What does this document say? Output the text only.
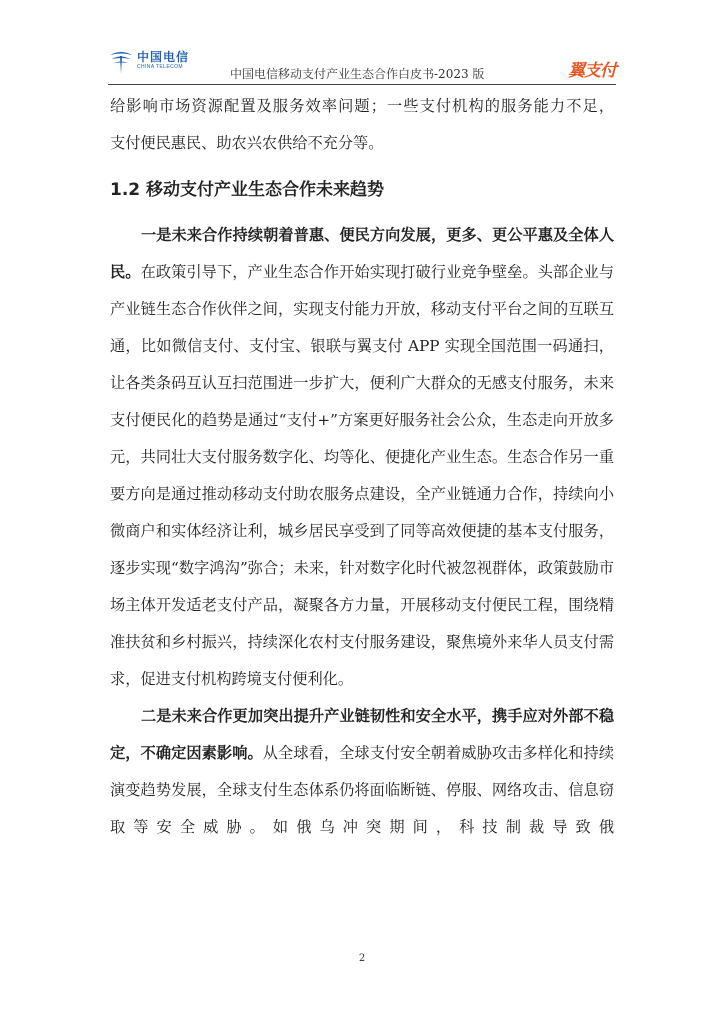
中国电信
CHINA TELECOM	中国电信移动支付产业生态合作白皮书-2023 版	翼支付

给影响市场资源配置及服务效率问题；一些支付机构的服务能力不足，

支付便民惠民、助农兴农供给不充分等。

1.2 移动支付产业生态合作未来趋势

一是未来合作持续朝着普惠、便民方向发展，更多、更公平惠及全体人民。在政策引导下，产业生态合作开始实现打破行业竞争壁垒。头部企业与产业链生态合作伙伴之间，实现支付能力开放，移动支付平台之间的互联互通，比如微信支付、支付宝、银联与翼支付 APP 实现全国范围一码通扫，让各类条码互认互扫范围进一步扩大，便利广大群众的无感支付服务，未来支付便民化的趋势是通过“支付+”方案更好服务社会公众，生态走向开放多元，共同壮大支付服务数字化、均等化、便捷化产业生态。生态合作另一重要方向是通过推动移动支付助农服务点建设，全产业链通力合作，持续向小微商户和实体经济让利，城乡居民享受到了同等高效便捷的基本支付服务，逐步实现“数字鸿沟”弥合；未来，针对数字化时代被忽视群体，政策鼓励市场主体开发适老支付产品，凝聚各方力量，开展移动支付便民工程，围绕精准扶贫和乡村振兴，持续深化农村支付服务建设，聚焦境外来华人员支付需求，促进支付机构跨境支付便利化。

二是未来合作更加突出提升产业链韧性和安全水平，携手应对外部不稳定，不确定因素影响。从全球看，全球支付安全朝着威胁攻击多样化和持续演变趋势发展，全球支付生态体系仍将面临断链、停服、网络攻击、信息窃取等安全威胁。如俄乌冲突期间，科技制裁导致俄

2
